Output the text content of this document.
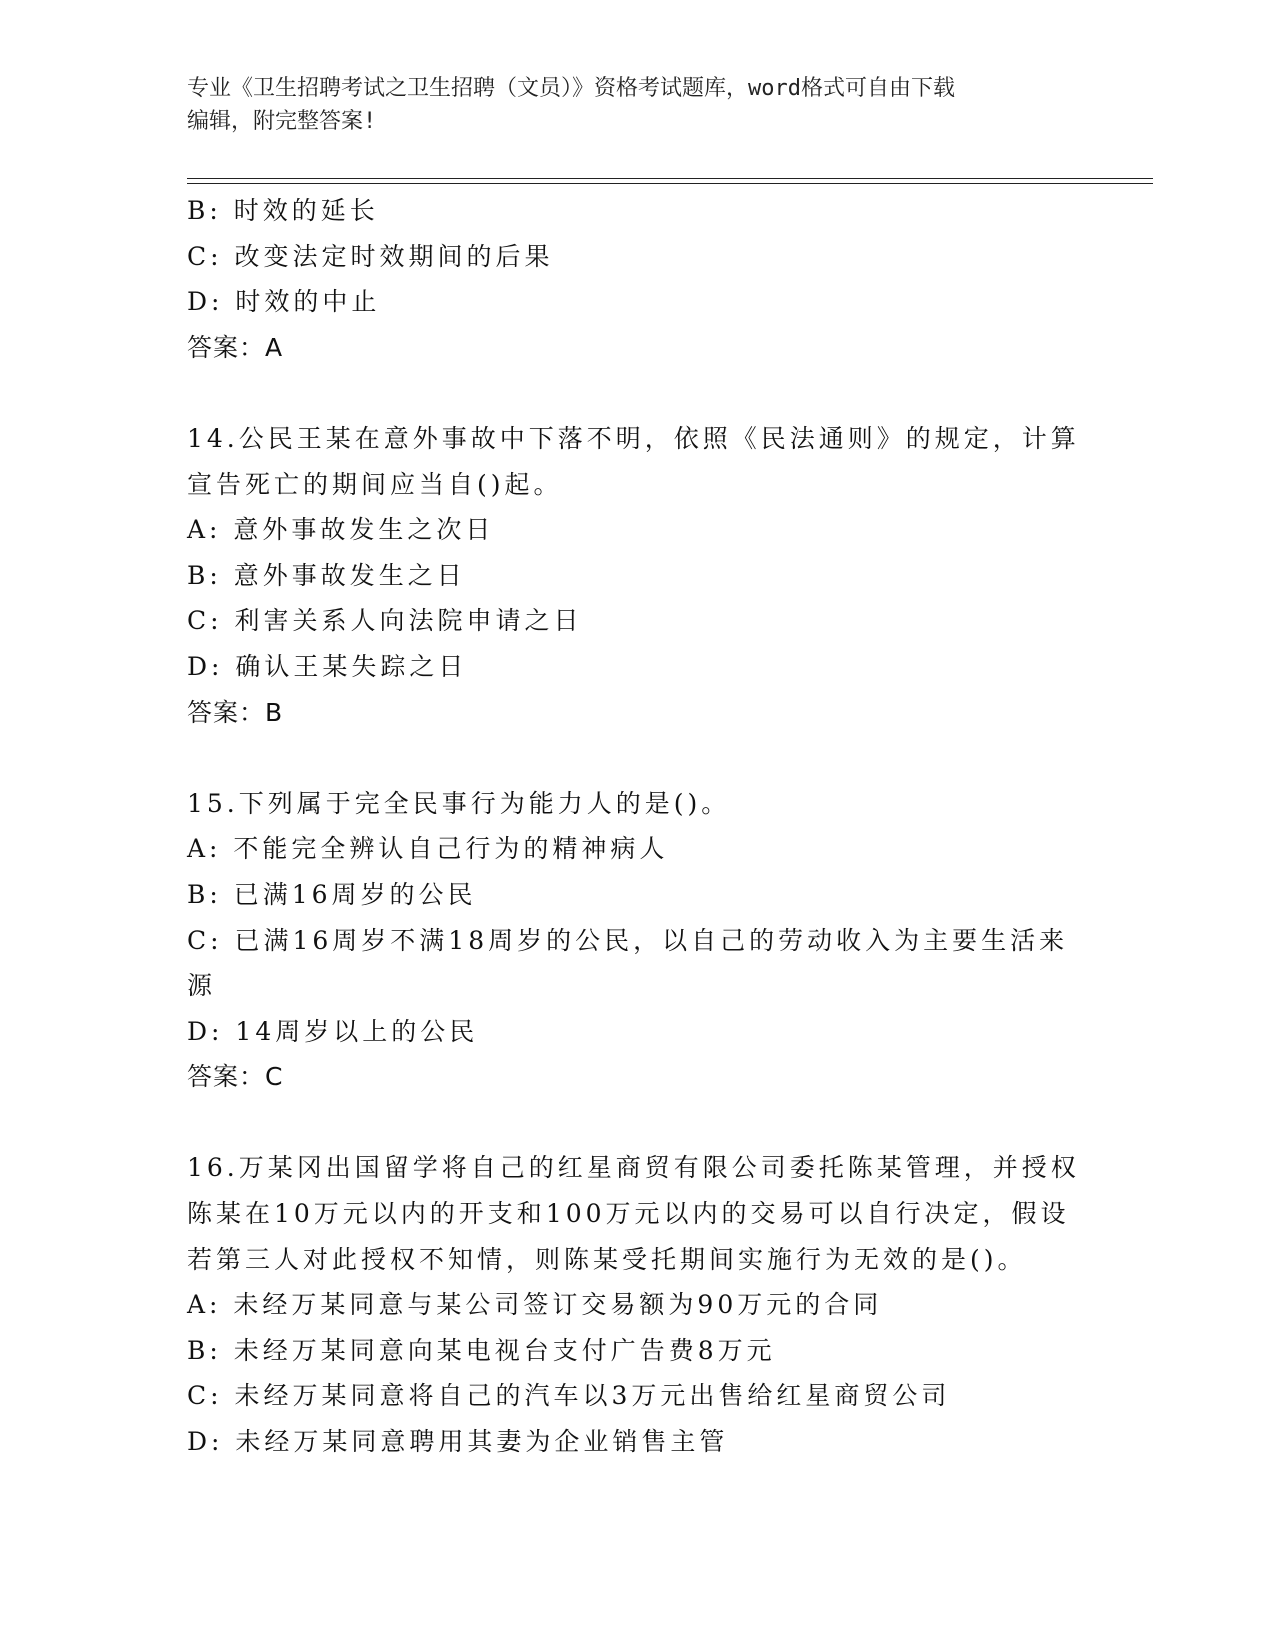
专业《卫生招聘考试之卫生招聘（文员）》资格考试题库，word格式可自由下载
编辑，附完整答案!
B: 时效的延长
C: 改变法定时效期间的后果
D: 时效的中止
答案：A
14.公民王某在意外事故中下落不明，依照《民法通则》的规定，计算宣告死亡的期间应当自()起。
A: 意外事故发生之次日
B: 意外事故发生之日
C: 利害关系人向法院申请之日
D: 确认王某失踪之日
答案：B
15.下列属于完全民事行为能力人的是()。
A: 不能完全辨认自己行为的精神病人
B: 已满16周岁的公民
C: 已满16周岁不满18周岁的公民，以自己的劳动收入为主要生活来源
D: 14周岁以上的公民
答案：C
16.万某冈出国留学将自己的红星商贸有限公司委托陈某管理，并授权陈某在10万元以内的开支和100万元以内的交易可以自行决定，假设若第三人对此授权不知情，则陈某受托期间实施行为无效的是()。
A: 未经万某同意与某公司签订交易额为90万元的合同
B: 未经万某同意向某电视台支付广告费8万元
C: 未经万某同意将自己的汽车以3万元出售给红星商贸公司
D: 未经万某同意聘用其妻为企业销售主管
